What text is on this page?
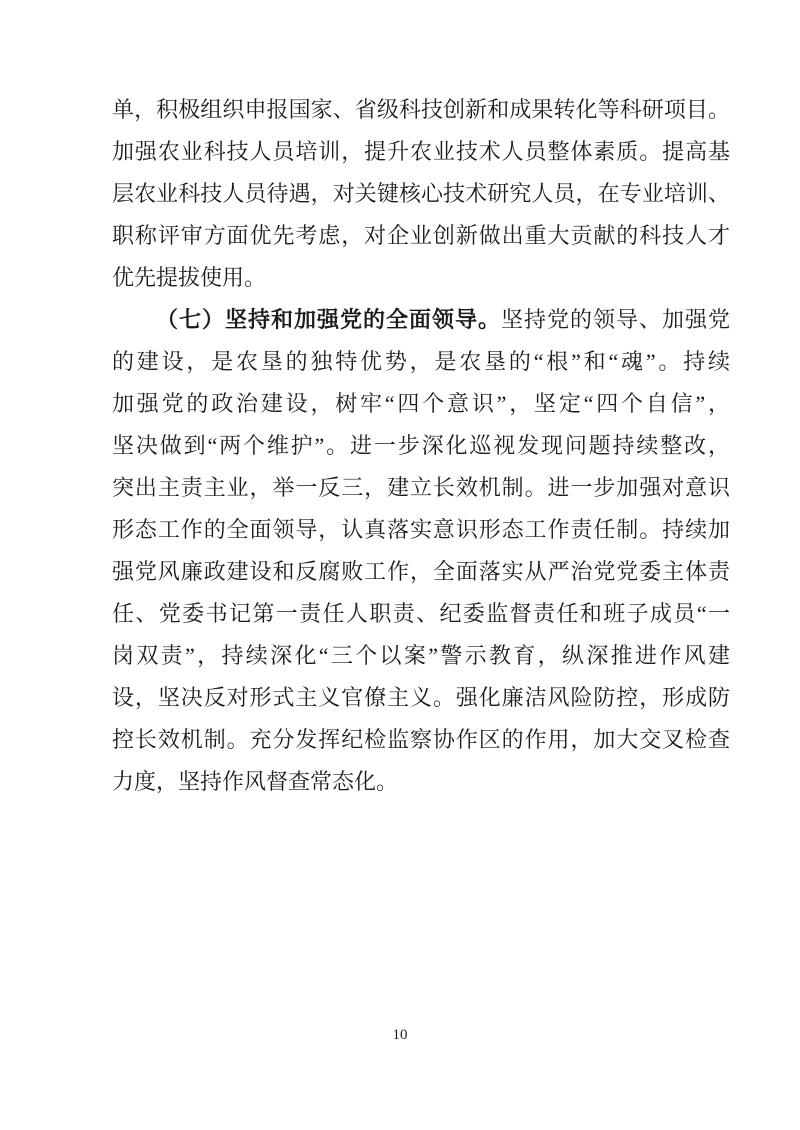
单，积极组织申报国家、省级科技创新和成果转化等科研项目。
加强农业科技人员培训，提升农业技术人员整体素质。提高基
层农业科技人员待遇，对关键核心技术研究人员，在专业培训、
职称评审方面优先考虑，对企业创新做出重大贡献的科技人才
优先提拔使用。
（七）坚持和加强党的全面领导。坚持党的领导、加强党
的建设，是农垦的独特优势，是农垦的“根”和“魂”。持续
加强党的政治建设，树牢“四个意识”，坚定“四个自信”，
坚决做到“两个维护”。进一步深化巡视发现问题持续整改，
突出主责主业，举一反三，建立长效机制。进一步加强对意识
形态工作的全面领导，认真落实意识形态工作责任制。持续加
强党风廉政建设和反腐败工作，全面落实从严治党党委主体责
任、党委书记第一责任人职责、纪委监督责任和班子成员“一
岗双责”，持续深化“三个以案”警示教育，纵深推进作风建
设，坚决反对形式主义官僚主义。强化廉洁风险防控，形成防
控长效机制。充分发挥纪检监察协作区的作用，加大交叉检查
力度，坚持作风督查常态化。
10
